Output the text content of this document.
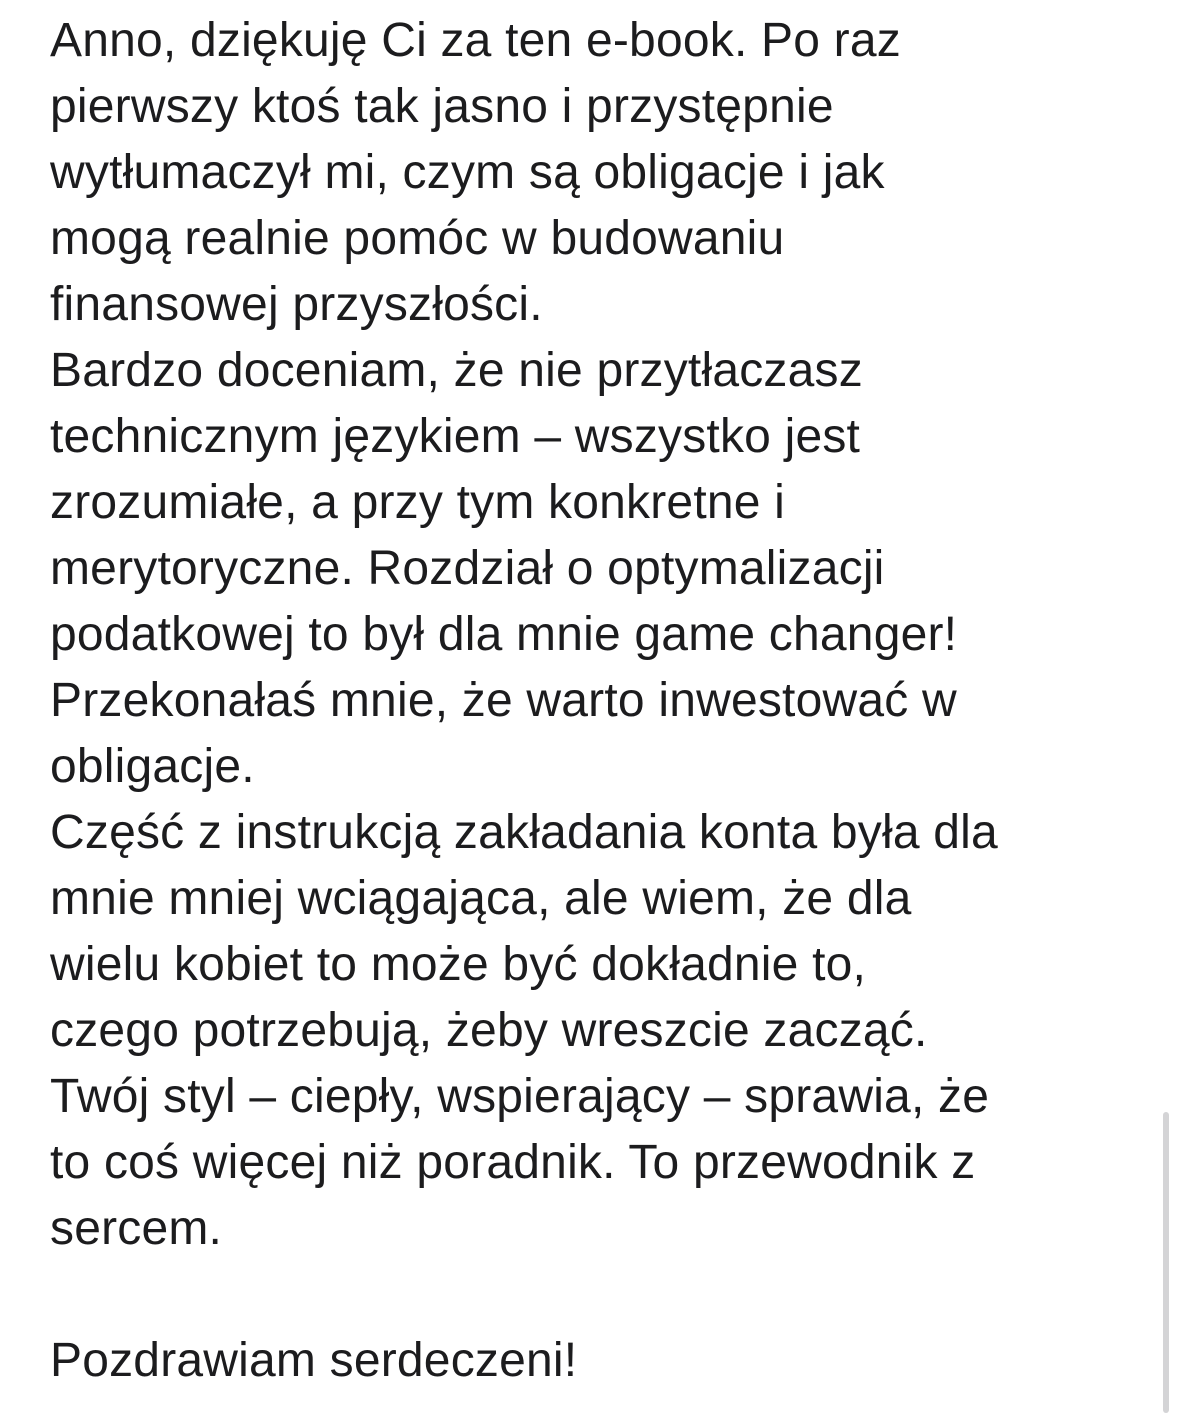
Anno, dziękuję Ci za ten e-book. Po raz
pierwszy ktoś tak jasno i przystępnie
wytłumaczył mi, czym są obligacje i jak
mogą realnie pomóc w budowaniu
finansowej przyszłości.

Bardzo doceniam, że nie przytłaczasz
technicznym językiem – wszystko jest
zrozumiałe, a przy tym konkretne i
merytoryczne. Rozdział o optymalizacji
podatkowej to był dla mnie game changer!
Przekonałaś mnie, że warto inwestować w
obligacje.

Część z instrukcją zakładania konta była dla
mnie mniej wciągająca, ale wiem, że dla
wielu kobiet to może być dokładnie to,
czego potrzebują, żeby wreszcie zacząć.

Twój styl – ciepły, wspierający – sprawia, że
to coś więcej niż poradnik. To przewodnik z
sercem.

Pozdrawiam serdeczeni!
